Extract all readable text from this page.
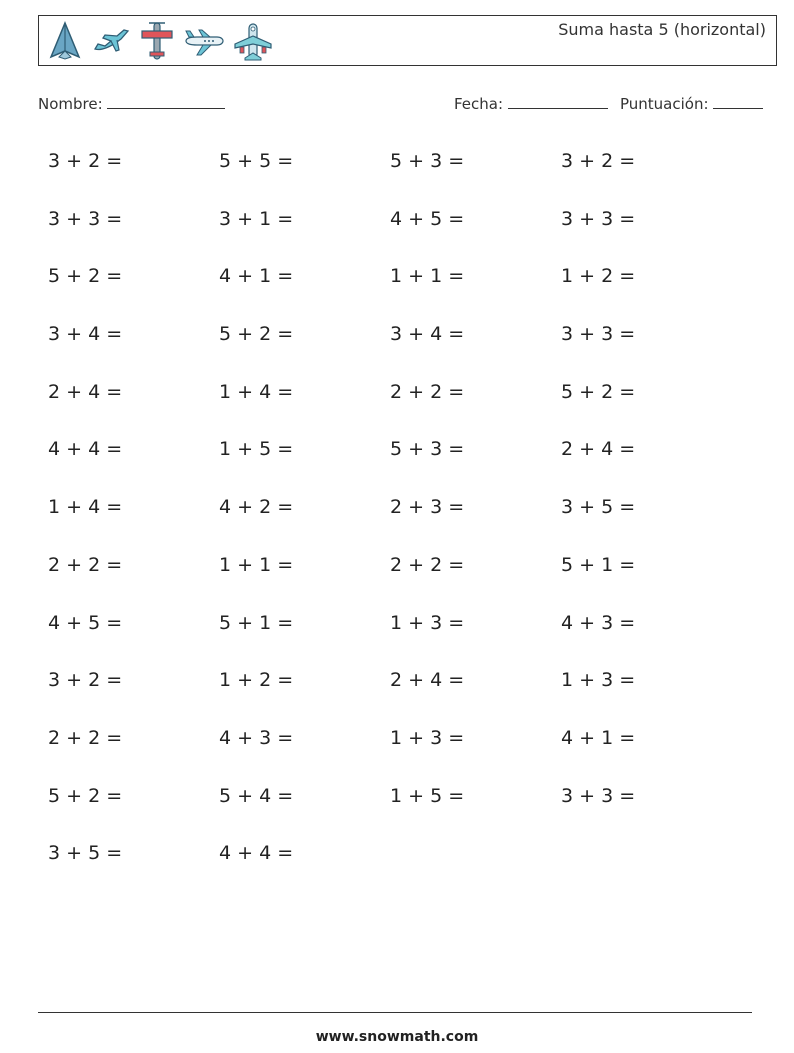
Suma hasta 5 (horizontal)
Nombre:	Fecha:	Puntuación:
3 + 2 =	5 + 5 =	5 + 3 =	3 + 2 =
3 + 3 =	3 + 1 =	4 + 5 =	3 + 3 =
5 + 2 =	4 + 1 =	1 + 1 =	1 + 2 =
3 + 4 =	5 + 2 =	3 + 4 =	3 + 3 =
2 + 4 =	1 + 4 =	2 + 2 =	5 + 2 =
4 + 4 =	1 + 5 =	5 + 3 =	2 + 4 =
1 + 4 =	4 + 2 =	2 + 3 =	3 + 5 =
2 + 2 =	1 + 1 =	2 + 2 =	5 + 1 =
4 + 5 =	5 + 1 =	1 + 3 =	4 + 3 =
3 + 2 =	1 + 2 =	2 + 4 =	1 + 3 =
2 + 2 =	4 + 3 =	1 + 3 =	4 + 1 =
5 + 2 =	5 + 4 =	1 + 5 =	3 + 3 =
3 + 5 =	4 + 4 =
www.snowmath.com
